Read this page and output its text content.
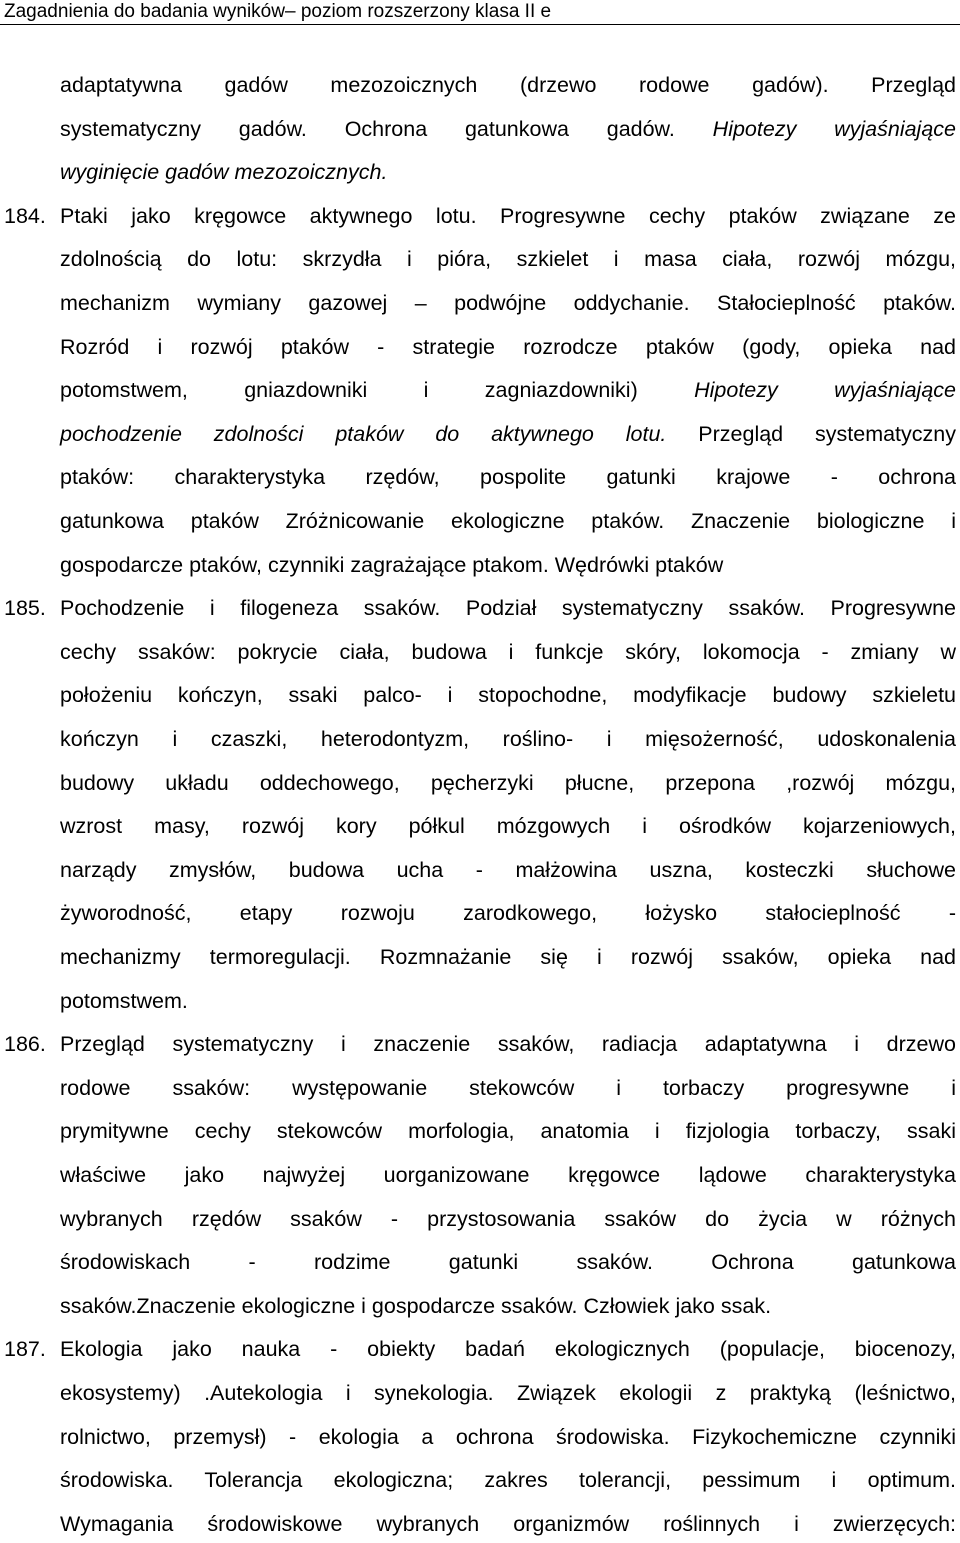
Zagadnienia do badania wyników– poziom rozszerzony klasa II e
adaptatywna gadów mezozoicznych (drzewo rodowe gadów). Przegląd
systematyczny gadów. Ochrona gatunkowa gadów. Hipotezy wyjaśniające
wyginięcie gadów mezozoicznych.
184. Ptaki jako kręgowce aktywnego lotu. Progresywne cechy ptaków związane ze
zdolnością do lotu: skrzydła i pióra, szkielet i masa ciała, rozwój mózgu,
mechanizm wymiany gazowej – podwójne oddychanie. Stałocieplność ptaków.
Rozród i rozwój ptaków - strategie rozrodcze ptaków (gody, opieka nad
potomstwem, gniazdowniki i zagniazdowniki) Hipotezy wyjaśniające
pochodzenie zdolności ptaków do aktywnego lotu. Przegląd systematyczny
ptaków: charakterystyka rzędów, pospolite gatunki krajowe - ochrona
gatunkowa ptaków Zróżnicowanie ekologiczne ptaków. Znaczenie biologiczne i
gospodarcze ptaków, czynniki zagrażające ptakom. Wędrówki ptaków
185. Pochodzenie i filogeneza ssaków. Podział systematyczny ssaków. Progresywne
cechy ssaków: pokrycie ciała, budowa i funkcje skóry, lokomocja - zmiany w
położeniu kończyn, ssaki palco- i stopochodne, modyfikacje budowy szkieletu
kończyn i czaszki, heterodontyzm, roślino- i mięsożerność, udoskonalenia
budowy układu oddechowego, pęcherzyki płucne, przepona ,rozwój mózgu,
wzrost masy, rozwój kory półkul mózgowych i ośrodków kojarzeniowych,
narządy zmysłów, budowa ucha - małżowina uszna, kosteczki słuchowe
żyworodność, etapy rozwoju zarodkowego, łożysko stałocieplność -
mechanizmy termoregulacji. Rozmnażanie się i rozwój ssaków, opieka nad
potomstwem.
186. Przegląd systematyczny i znaczenie ssaków, radiacja adaptatywna i drzewo
rodowe ssaków: występowanie stekowców i torbaczy progresywne i
prymitywne cechy stekowców morfologia, anatomia i fizjologia torbaczy, ssaki
właściwe jako najwyżej uorganizowane kręgowce lądowe charakterystyka
wybranych rzędów ssaków - przystosowania ssaków do życia w różnych
środowiskach - rodzime gatunki ssaków. Ochrona gatunkowa
ssaków.Znaczenie ekologiczne i gospodarcze ssaków. Człowiek jako ssak.
187. Ekologia jako nauka - obiekty badań ekologicznych (populacje, biocenozy,
ekosystemy) .Autekologia i synekologia. Związek ekologii z praktyką (leśnictwo,
rolnictwo, przemysł) - ekologia a ochrona środowiska. Fizykochemiczne czynniki
środowiska. Tolerancja ekologiczna; zakres tolerancji, pessimum i optimum.
Wymagania środowiskowe wybranych organizmów roślinnych i zwierzęcych:
